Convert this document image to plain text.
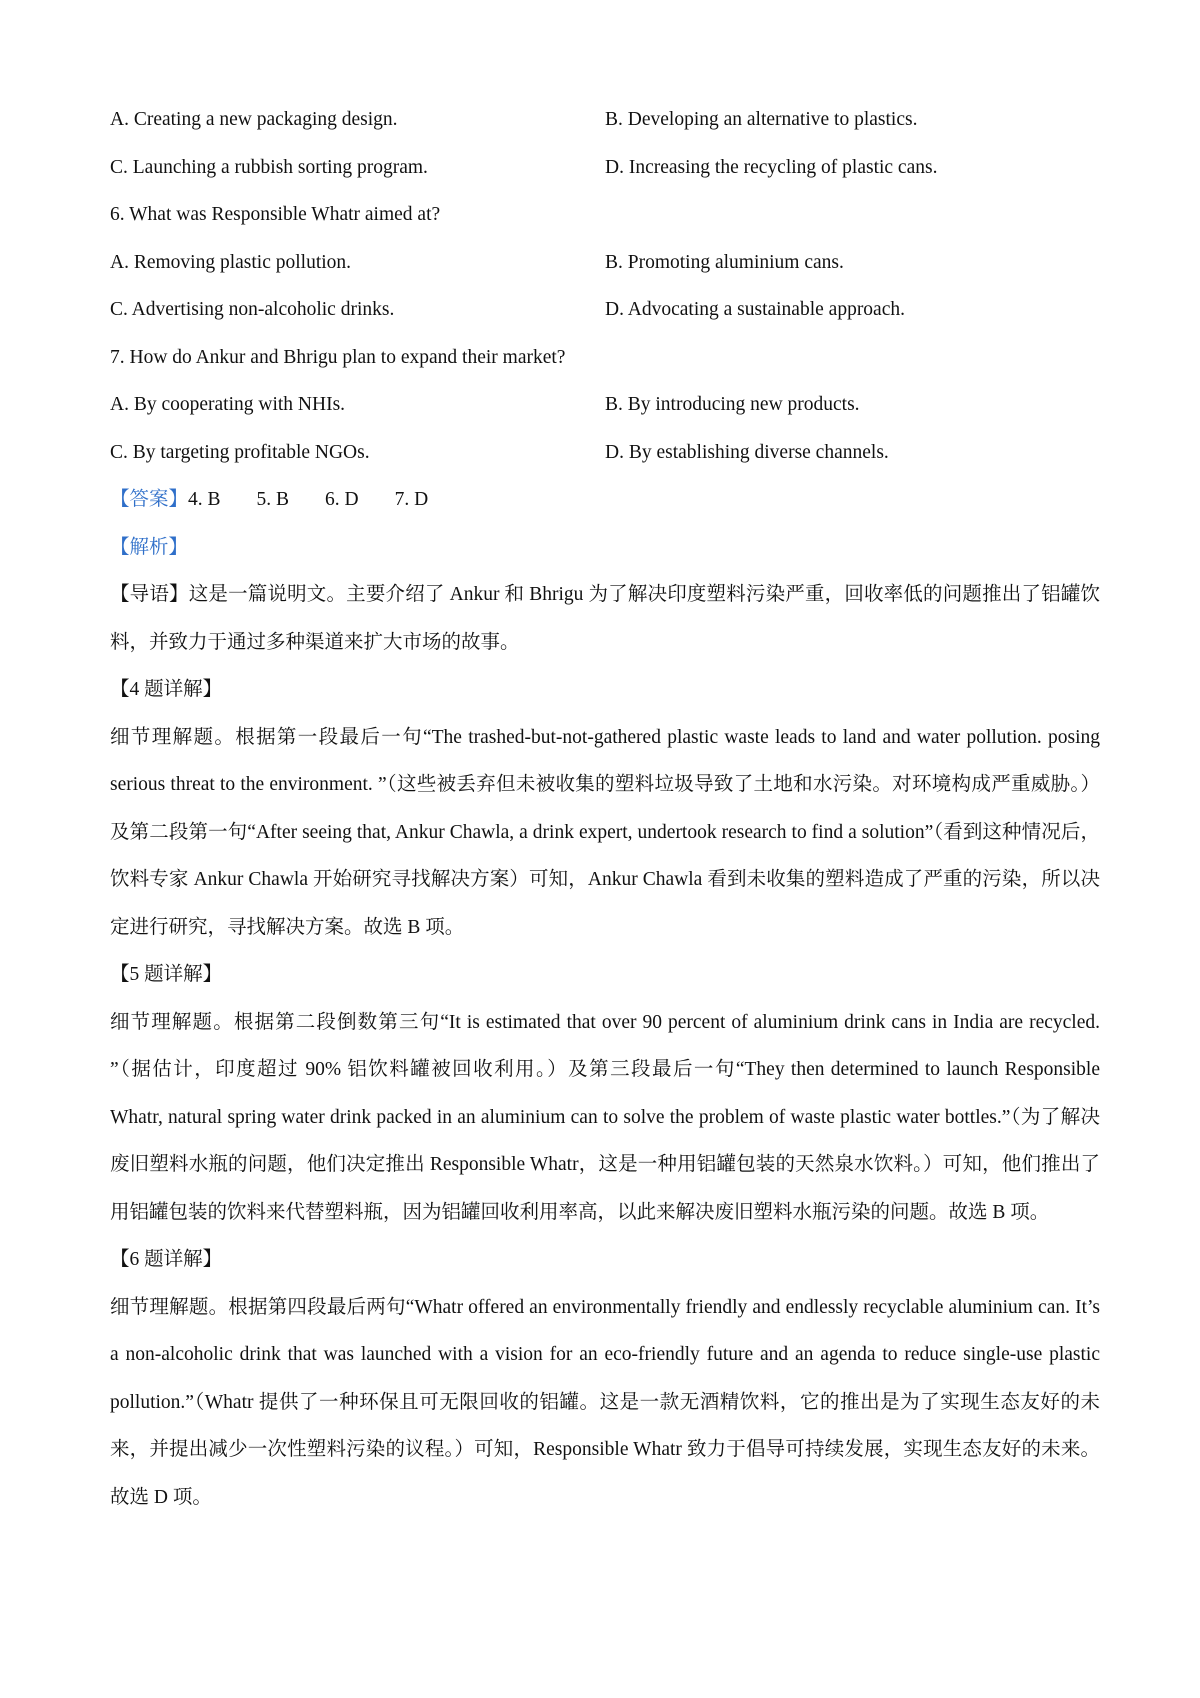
A. Creating a new packaging design.	B. Developing an alternative to plastics.
C. Launching a rubbish sorting program.	D. Increasing the recycling of plastic cans.
6. What was Responsible Whatr aimed at?
A. Removing plastic pollution.	B. Promoting aluminium cans.
C. Advertising non-alcoholic drinks.	D. Advocating a sustainable approach.
7. How do Ankur and Bhrigu plan to expand their market?
A. By cooperating with NHIs.	B. By introducing new products.
C. By targeting profitable NGOs.	D. By establishing diverse channels.
【答案】4. B 5. B 6. D 7. D
【解析】
【导语】这是一篇说明文。主要介绍了 Ankur 和 Bhrigu 为了解决印度塑料污染严重，回收率低的问题推出了铝罐饮料，并致力于通过多种渠道来扩大市场的故事。
【4 题详解】
细节理解题。根据第一段最后一句“The trashed-but-not-gathered plastic waste leads to land and water pollution. posing serious threat to the environment. ”（这些被丢弃但未被收集的塑料垃圾导致了土地和水污染。对环境构成严重威胁。）及第二段第一句“After seeing that, Ankur Chawla, a drink expert, undertook research to find a solution”（看到这种情况后，饮料专家 Ankur Chawla 开始研究寻找解决方案）可知，Ankur Chawla 看到未收集的塑料造成了严重的污染，所以决定进行研究，寻找解决方案。故选 B 项。
【5 题详解】
细节理解题。根据第二段倒数第三句“It is estimated that over 90 percent of aluminium drink cans in India are recycled. ”（据估计，印度超过 90% 铝饮料罐被回收利用。）及第三段最后一句“They then determined to launch Responsible Whatr, natural spring water drink packed in an aluminium can to solve the problem of waste plastic water bottles.”（为了解决废旧塑料水瓶的问题，他们决定推出 Responsible Whatr，这是一种用铝罐包装的天然泉水饮料。）可知，他们推出了用铝罐包装的饮料来代替塑料瓶，因为铝罐回收利用率高，以此来解决废旧塑料水瓶污染的问题。故选 B 项。
【6 题详解】
细节理解题。根据第四段最后两句“Whatr offered an environmentally friendly and endlessly recyclable aluminium can. It’s a non-alcoholic drink that was launched with a vision for an eco-friendly future and an agenda to reduce single-use plastic pollution.”（Whatr 提供了一种环保且可无限回收的铝罐。这是一款无酒精饮料，它的推出是为了实现生态友好的未来，并提出减少一次性塑料污染的议程。）可知，Responsible Whatr 致力于倡导可持续发展，实现生态友好的未来。故选 D 项。
